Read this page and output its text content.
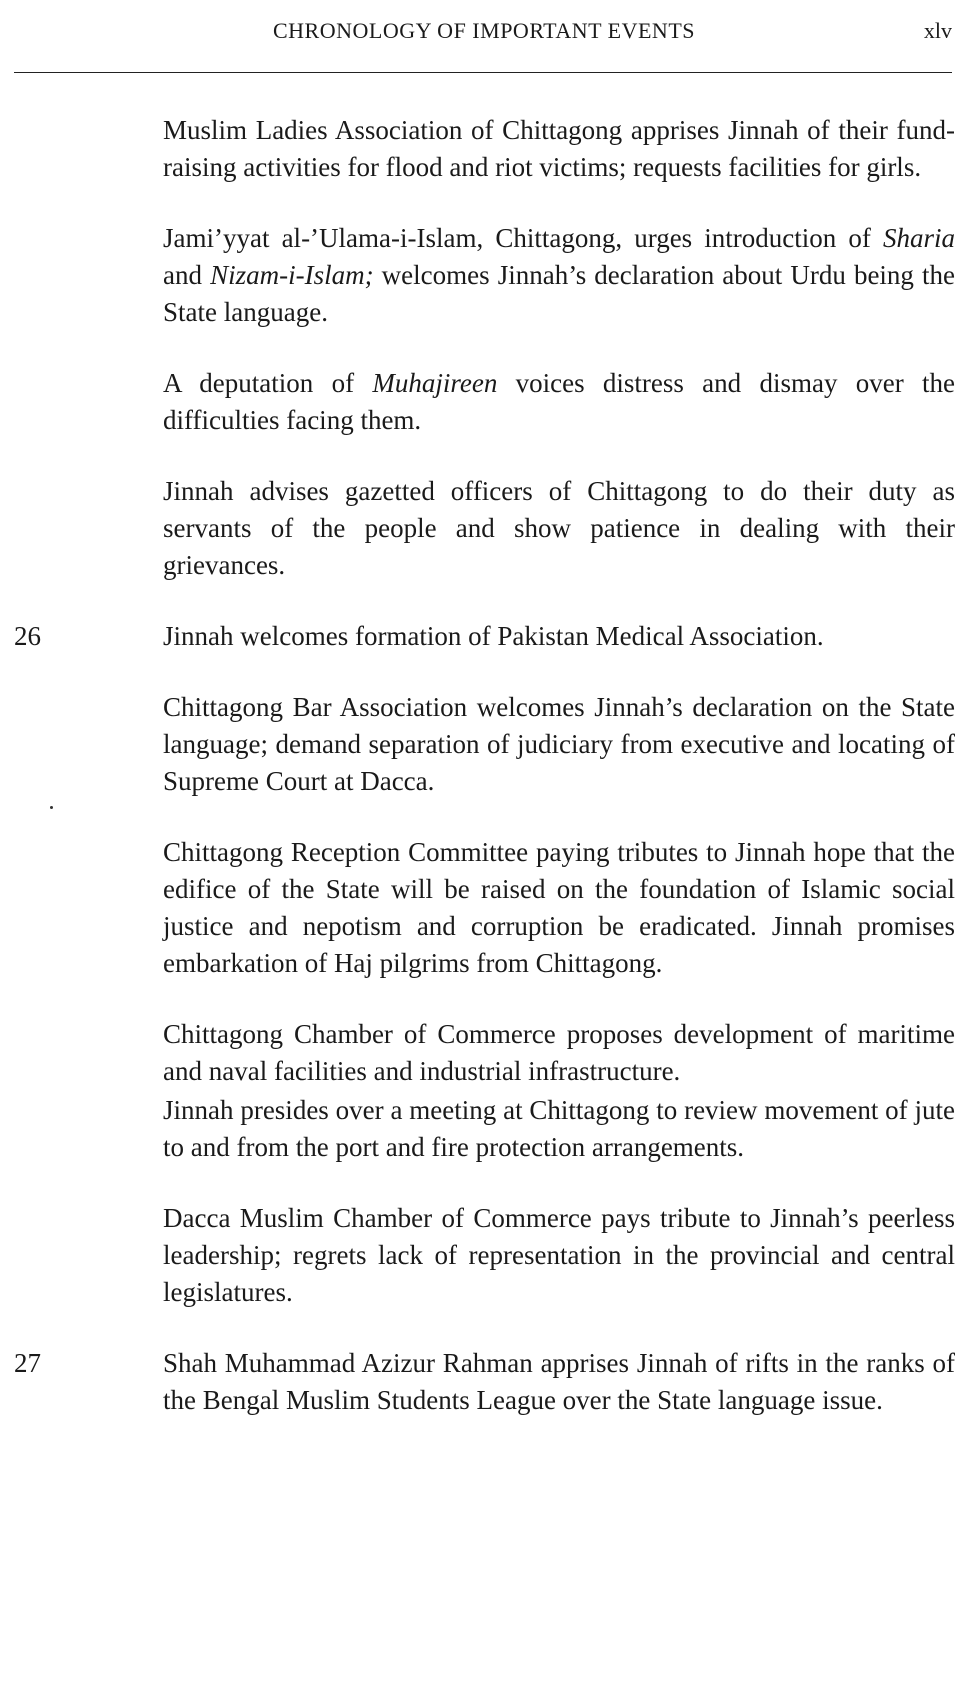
CHRONOLOGY OF IMPORTANT EVENTS	xlv

Muslim Ladies Association of Chittagong apprises Jinnah of their fund-raising activities for flood and riot victims; requests facilities for girls.

Jami’yyat al-’Ulama-i-Islam, Chittagong, urges introduction of Sharia and Nizam-i-Islam; welcomes Jinnah’s declaration about Urdu being the State language.

A deputation of Muhajireen voices distress and dismay over the difficulties facing them.

Jinnah advises gazetted officers of Chittagong to do their duty as servants of the people and show patience in dealing with their grievances.

26	Jinnah welcomes formation of Pakistan Medical Association.

Chittagong Bar Association welcomes Jinnah’s declaration on the State language; demand separation of judiciary from executive and locating of Supreme Court at Dacca.

Chittagong Reception Committee paying tributes to Jinnah hope that the edifice of the State will be raised on the foundation of Islamic social justice and nepotism and corruption be eradicated. Jinnah promises embarkation of Haj pilgrims from Chittagong.

Chittagong Chamber of Commerce proposes development of maritime and naval facilities and industrial infrastructure.

Jinnah presides over a meeting at Chittagong to review movement of jute to and from the port and fire protection arrangements.

Dacca Muslim Chamber of Commerce pays tribute to Jinnah’s peerless leadership; regrets lack of representation in the provincial and central legislatures.

27	Shah Muhammad Azizur Rahman apprises Jinnah of rifts in the ranks of the Bengal Muslim Students League over the State language issue.
